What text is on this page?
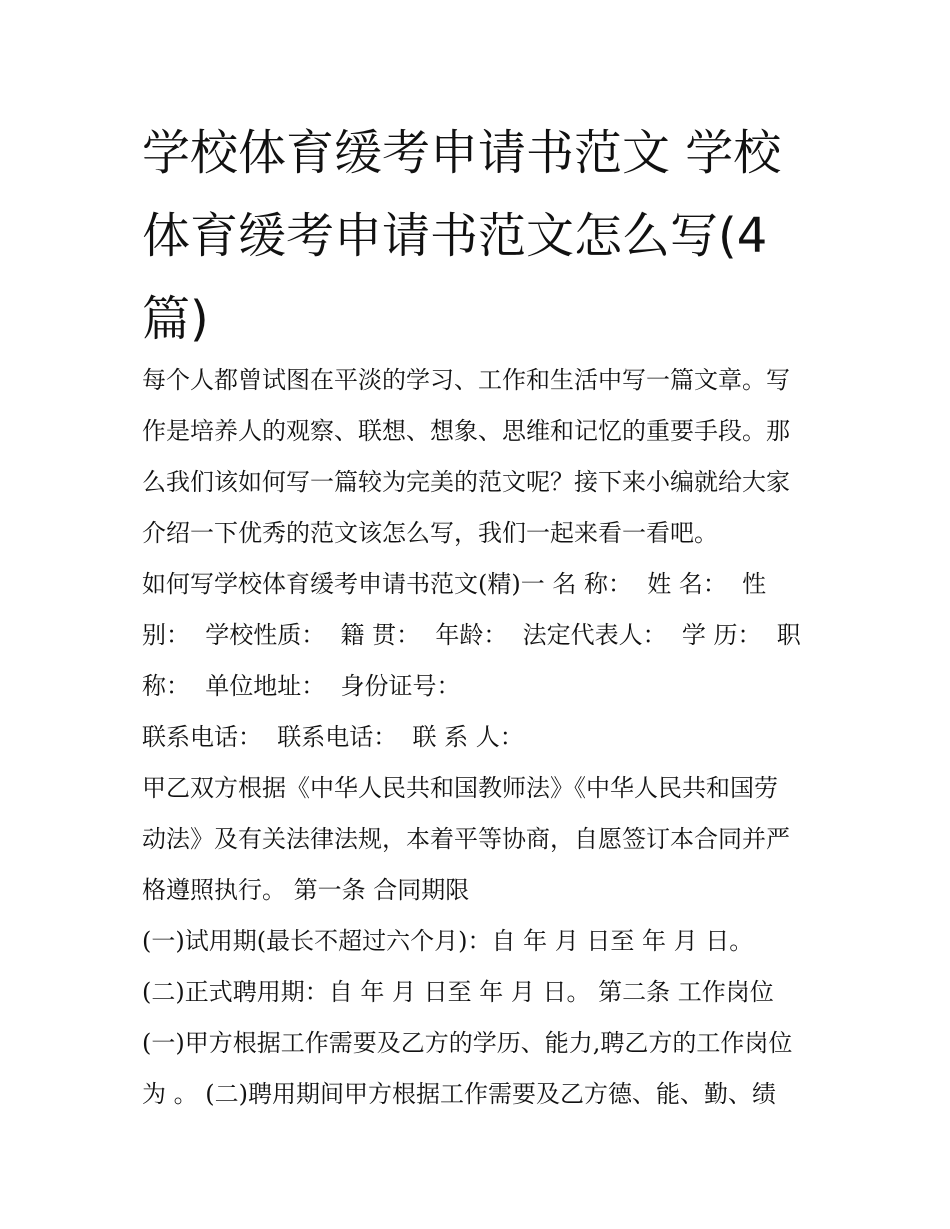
学校体育缓考申请书范文 学校
体育缓考申请书范文怎么写(4
篇)
每个人都曾试图在平淡的学习、工作和生活中写一篇文章。写
作是培养人的观察、联想、想象、思维和记忆的重要手段。那
么我们该如何写一篇较为完美的范文呢？接下来小编就给大家
介绍一下优秀的范文该怎么写，我们一起来看一看吧。
如何写学校体育缓考申请书范文(精)一 名 称：  姓 名：  性
别：  学校性质：  籍 贯：  年龄：  法定代表人：  学 历：  职
称：  单位地址：  身份证号：
联系电话：  联系电话：  联 系 人：
甲乙双方根据《中华人民共和国教师法》《中华人民共和国劳
动法》及有关法律法规，本着平等协商，自愿签订本合同并严
格遵照执行。 第一条 合同期限
(一)试用期(最长不超过六个月)：自 年 月 日至 年 月 日。
(二)正式聘用期：自 年 月 日至 年 月 日。 第二条 工作岗位
(一)甲方根据工作需要及乙方的学历、能力,聘乙方的工作岗位
为 。 (二)聘用期间甲方根据工作需要及乙方德、能、勤、绩
